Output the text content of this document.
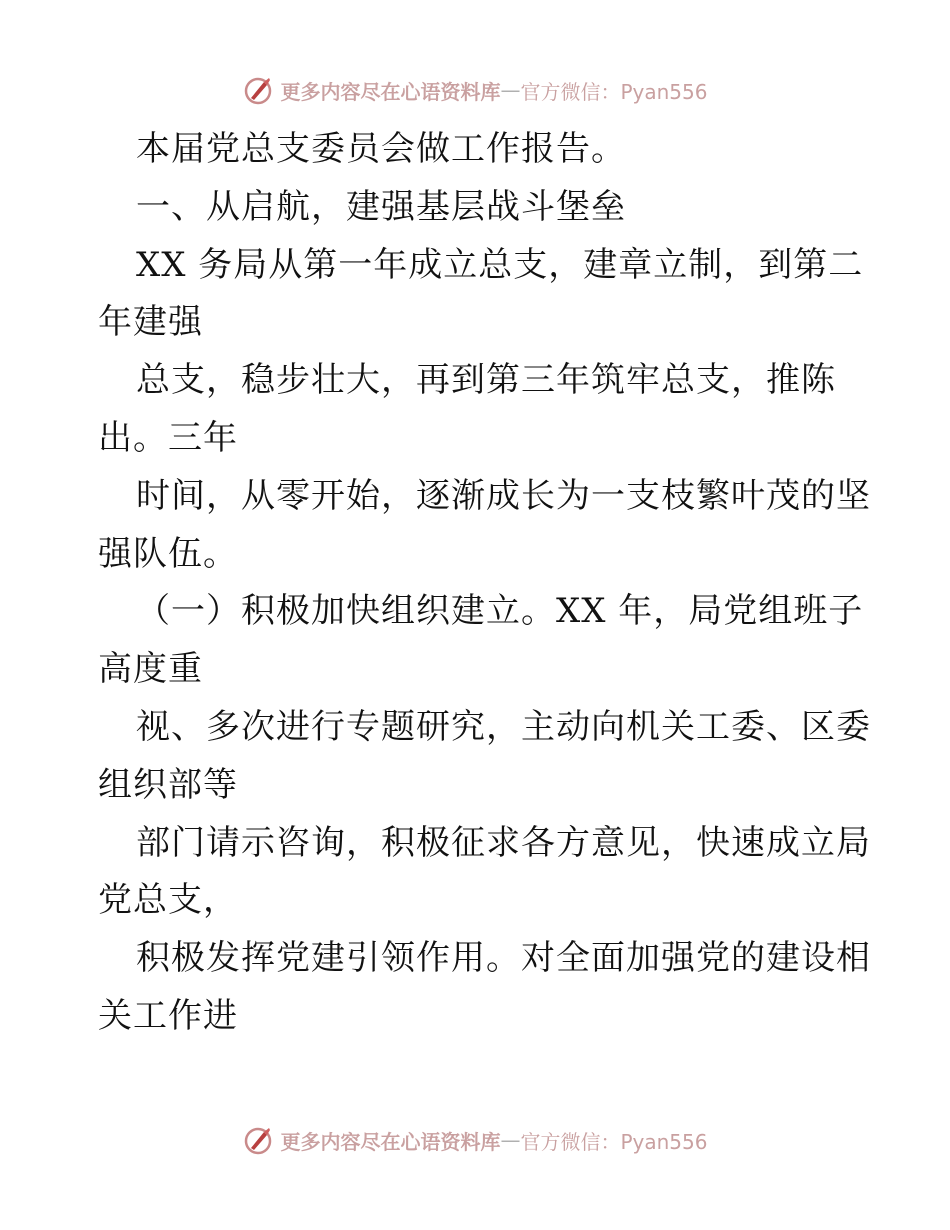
更多内容尽在心语资料库 — 官方微信：Pyan556
本届党总支委员会做工作报告。
一、从启航，建强基层战斗堡垒
XX 务局从第一年成立总支，建章立制，到第二
年建强
总支，稳步壮大，再到第三年筑牢总支，推陈
出。三年
时间，从零开始，逐渐成长为一支枝繁叶茂的坚
强队伍。
（一）积极加快组织建立。XX 年，局党组班子
高度重
视、多次进行专题研究，主动向机关工委、区委
组织部等
部门请示咨询，积极征求各方意见，快速成立局
党总支，
积极发挥党建引领作用。对全面加强党的建设相
关工作进
更多内容尽在心语资料库 — 官方微信：Pyan556
